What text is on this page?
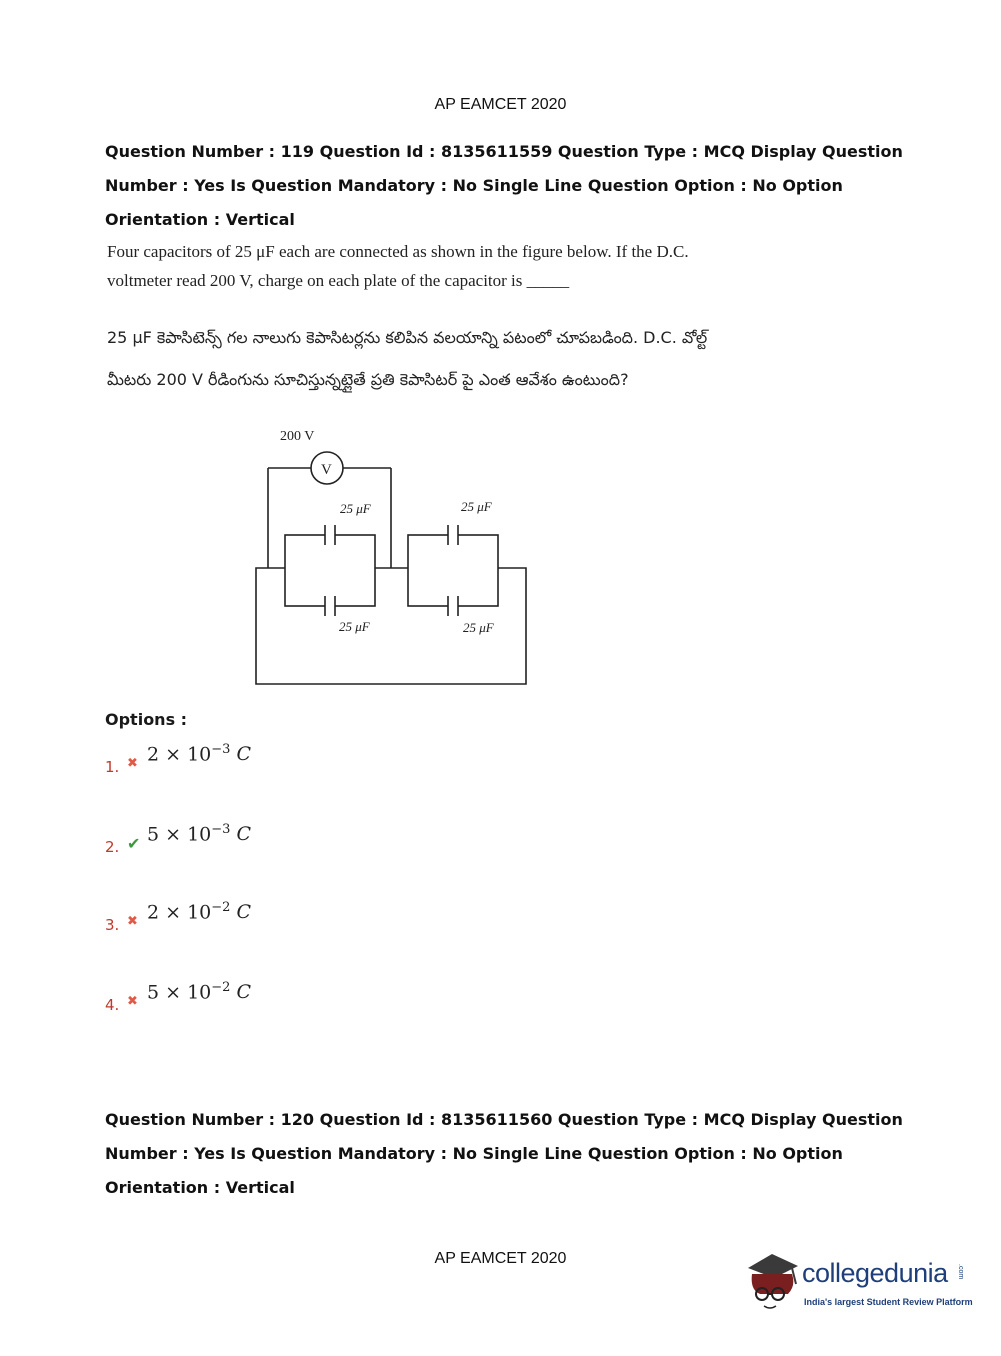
AP EAMCET 2020
Question Number : 119 Question Id : 8135611559 Question Type : MCQ Display Question
Number : Yes Is Question Mandatory : No Single Line Question Option : No Option
Orientation : Vertical
Four capacitors of 25 μF each are connected as shown in the figure below. If the D.C.
voltmeter read 200 V, charge on each plate of the capacitor is _____
25 μF కెపాసిటెన్స్ గల నాలుగు కెపాసిటర్లను కలిపిన వలయాన్ని పటంలో చూపబడింది. D.C. వోల్ట్
మీటరు 200 V రీడింగును సూచిస్తున్నట్లైతే ప్రతి కెపాసిటర్ పై ఎంత ఆవేశం ఉంటుంది?
200 V
V
25 μF	25 μF
25 μF	25 μF
Options :
1. ✖ $2 \times 10^{-3}$ C
2. ✔ $5 \times 10^{-3}$ C
3. ✖ $2 \times 10^{-2}$ C
4. ✖ $5 \times 10^{-2}$ C
Question Number : 120 Question Id : 8135611560 Question Type : MCQ Display Question
Number : Yes Is Question Mandatory : No Single Line Question Option : No Option
Orientation : Vertical
AP EAMCET 2020	collegedunia .com
India's largest Student Review Platform
